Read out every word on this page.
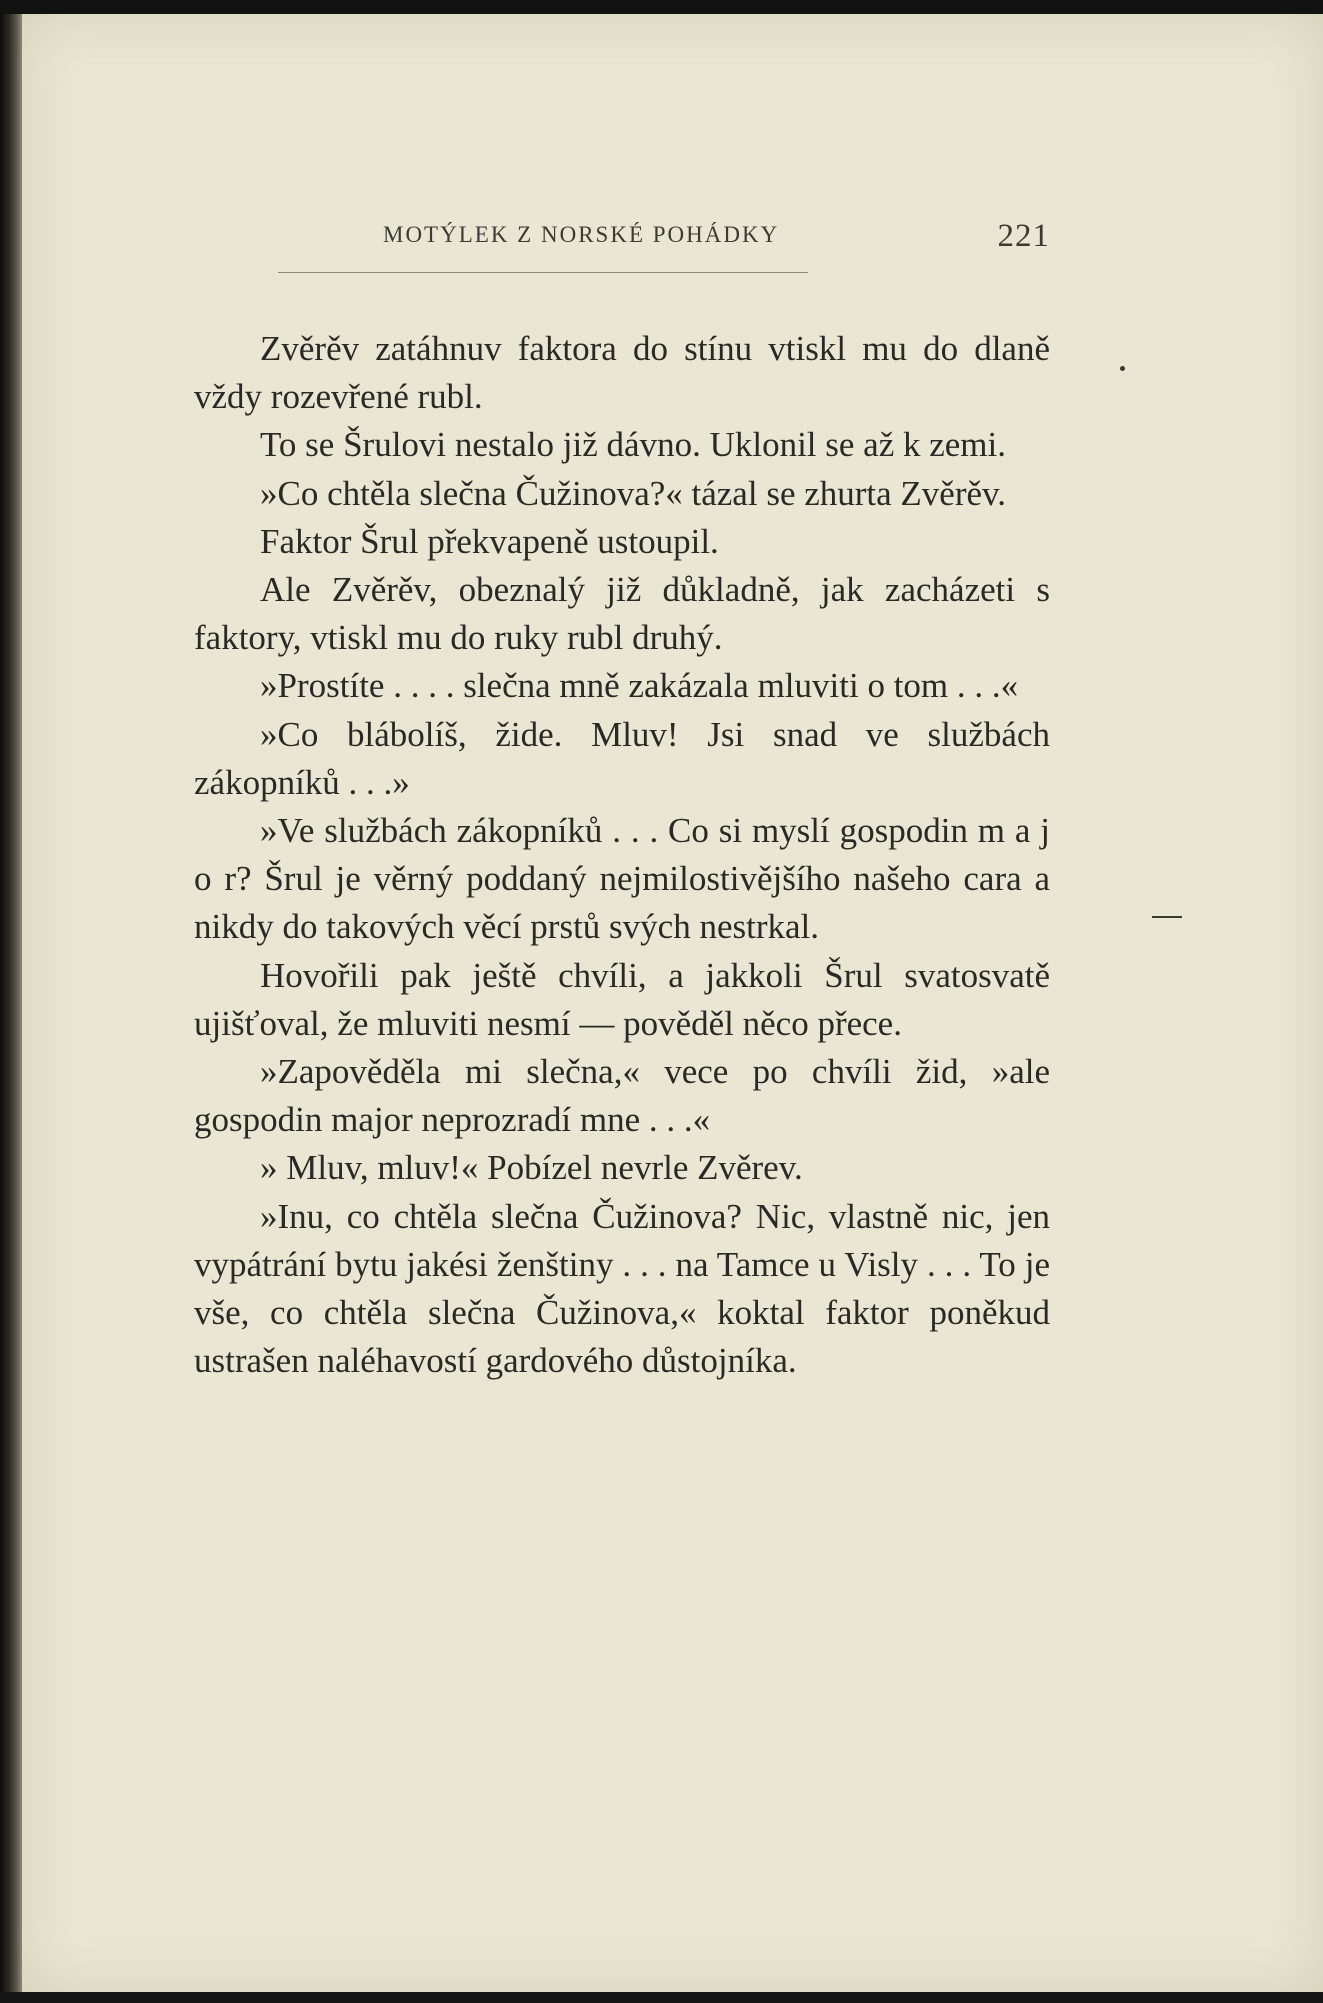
MOTÝLEK Z NORSKÉ POHÁDKY	221

Zvěrěv zatáhnuv faktora do stínu vtiskl mu do dlaně vždy rozevřené rubl.

To se Šrulovi nestalo již dávno. Uklonil se až k zemi.

»Co chtěla slečna Čužinova?« tázal se zhurta Zvěrěv.

Faktor Šrul překvapeně ustoupil.

Ale Zvěrěv, obeznalý již důkladně, jak zacházeti s faktory, vtiskl mu do ruky rubl druhý.

»Prostíte . . . . slečna mně zakázala mluviti o tom . . .«

»Co blábolíš, žide. Mluv! Jsi snad ve službách zákopníků . . .»

»Ve službách zákopníků . . . Co si myslí gospodin m a j o r? Šrul je věrný poddaný nejmilostivějšího našeho cara a nikdy do takových věcí prstů svých nestrkal.

Hovořili pak ještě chvíli, a jakkoli Šrul svatosvatě ujišťoval, že mluviti nesmí — pověděl něco přece.

»Zapověděla mi slečna,« vece po chvíli žid, »ale gospodin major neprozradí mne . . .«

» Mluv, mluv!« Pobízel nevrle Zvěrev.

»Inu, co chtěla slečna Čužinova? Nic, vlastně nic, jen vypátrání bytu jakési ženštiny . . . na Tamce u Visly . . . To je vše, co chtěla slečna Čužinova,« koktal faktor poněkud ustrašen naléhavostí gardového důstojníka.
